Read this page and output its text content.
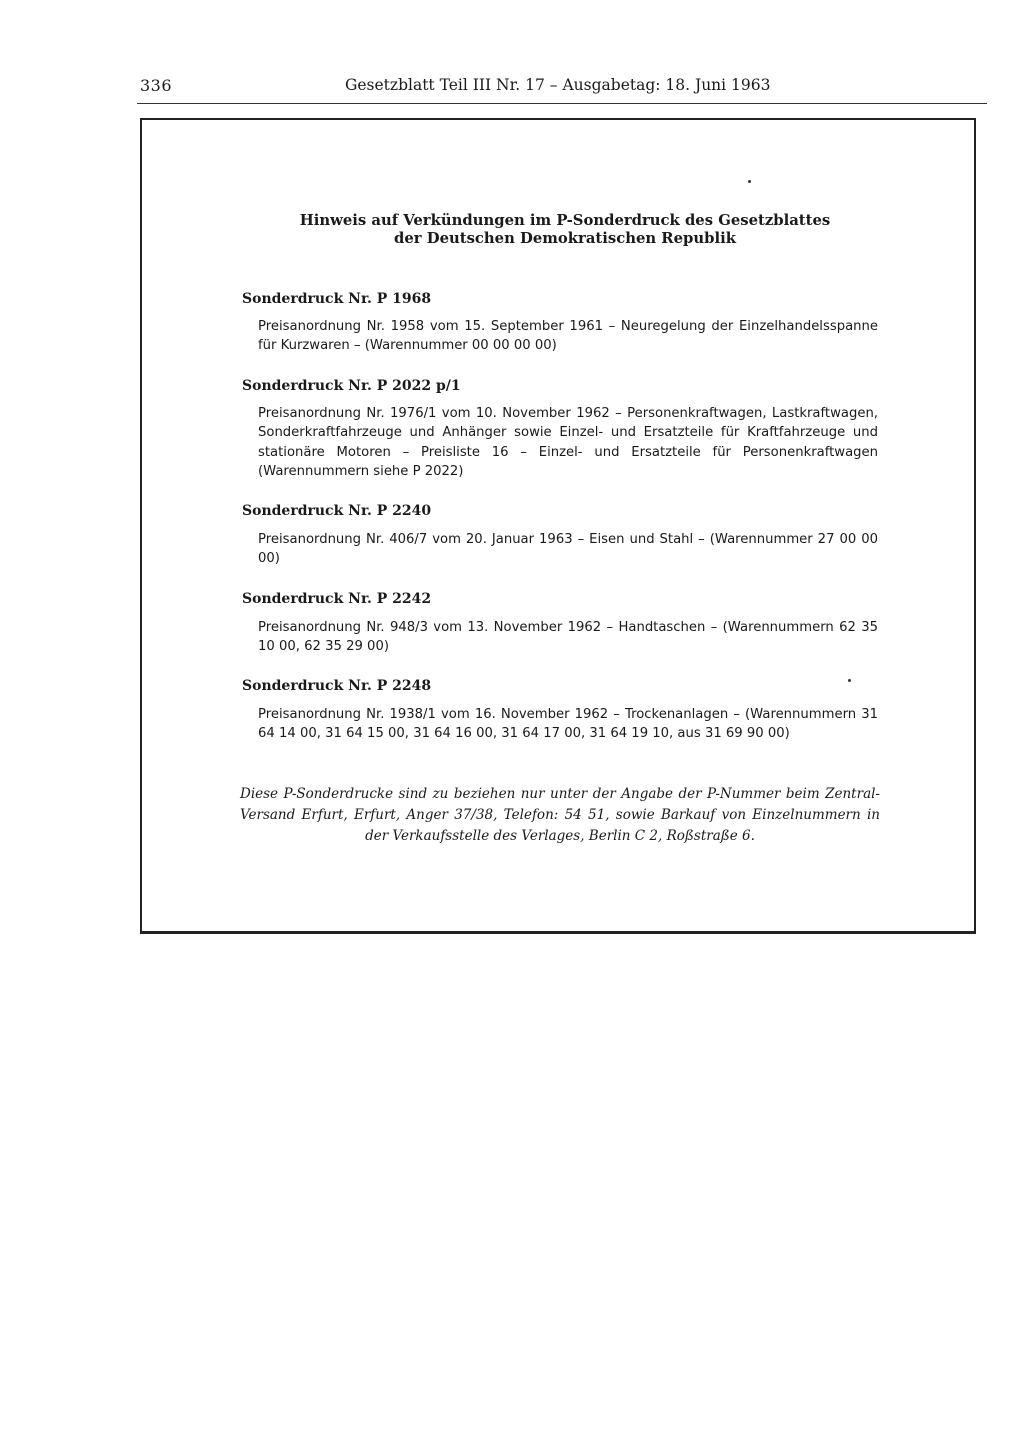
336	Gesetzblatt Teil III Nr. 17 – Ausgabetag: 18. Juni 1963
Hinweis auf Verkündungen im P-Sonderdruck des Gesetzblattes
der Deutschen Demokratischen Republik
Sonderdruck Nr. P 1968
Preisanordnung Nr. 1958 vom 15. September 1961 – Neuregelung der Einzelhandelsspanne für Kurzwaren – (Warennummer 00 00 00 00)
Sonderdruck Nr. P 2022 p/1
Preisanordnung Nr. 1976/1 vom 10. November 1962 – Personenkraftwagen, Lastkraftwagen, Sonderkraftfahrzeuge und Anhänger sowie Einzel- und Ersatzteile für Kraftfahrzeuge und stationäre Motoren – Preisliste 16 – Einzel- und Ersatzteile für Personenkraftwagen (Warennummern siehe P 2022)
Sonderdruck Nr. P 2240
Preisanordnung Nr. 406/7 vom 20. Januar 1963 – Eisen und Stahl – (Warennummer 27 00 00 00)
Sonderdruck Nr. P 2242
Preisanordnung Nr. 948/3 vom 13. November 1962 – Handtaschen – (Warennummern 62 35 10 00, 62 35 29 00)
Sonderdruck Nr. P 2248
Preisanordnung Nr. 1938/1 vom 16. November 1962 – Trockenanlagen – (Warennummern 31 64 14 00, 31 64 15 00, 31 64 16 00, 31 64 17 00, 31 64 19 10, aus 31 69 90 00)
Diese P-Sonderdrucke sind zu beziehen nur unter der Angabe der P-Nummer beim Zentral-Versand Erfurt, Erfurt, Anger 37/38, Telefon: 54 51, sowie Barkauf von Einzelnummern in der Verkaufsstelle des Verlages, Berlin C 2, Roßstraße 6.
